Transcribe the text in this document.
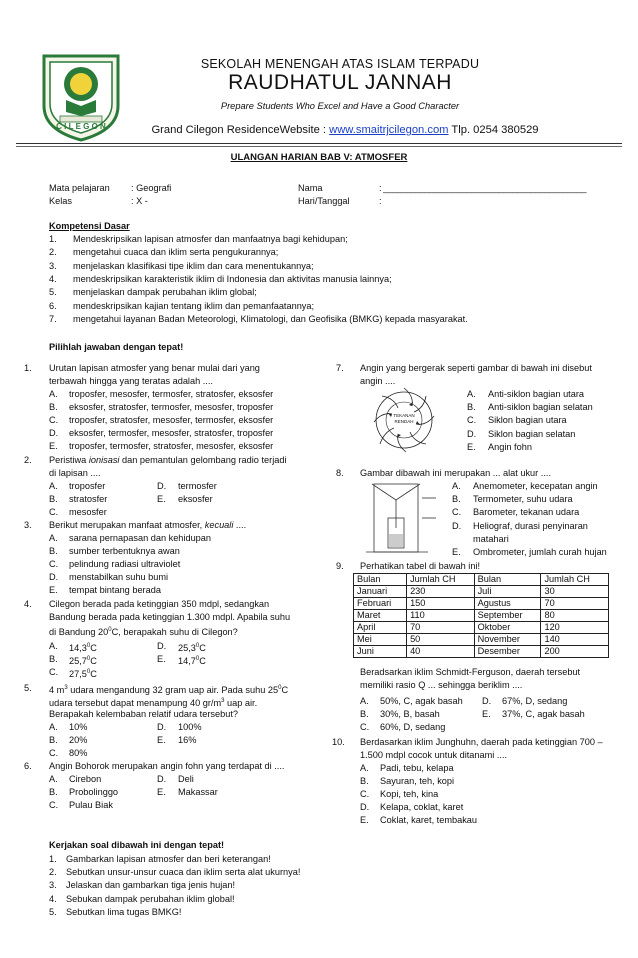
C I L E G O N
SEKOLAH MENENGAH ATAS ISLAM TERPADU
RAUDHATUL JANNAH
Prepare Students Who Excel and Have a Good Character
Grand Cilegon ResidenceWebsite : www.smaitrjcilegon.com Tlp. 0254 380529
ULANGAN HARIAN BAB V: ATMOSFER
Mata pelajaran : Geografi
Kelas	: X -
Nama	: ____________________________________________
Hari/Tanggal	:
Kompetensi Dasar
1. Mendeskripsikan lapisan atmosfer dan manfaatnya bagi kehidupan;
2. mengetahui cuaca dan iklim serta pengukurannya;
3. menjelaskan klasifikasi tipe iklim dan cara menentukannya;
4. mendeskripsikan karakteristik iklim di Indonesia dan aktivitas manusia lainnya;
5. menjelaskan dampak perubahan iklim global;
6. mendeskripsikan kajian tentang iklim dan pemanfaatannya;
7. mengetahui layanan Badan Meteorologi, Klimatologi, dan Geofisika (BMKG) kepada masyarakat.
Pilihlah jawaban dengan tepat!
1. Urutan lapisan atmosfer yang benar mulai dari yang
terbawah hingga yang teratas adalah ....
A. troposfer, mesosfer, termosfer, stratosfer, eksosfer
B. eksosfer, stratosfer, termosfer, mesosfer, troposfer
C. troposfer, stratosfer, mesosfer, termosfer, eksosfer
D. eksosfer, termosfer, mesosfer, stratosfer, troposfer
E. troposfer, termosfer, stratosfer, mesosfer, eksosfer
2. Peristiwa ionisasi dan pemantulan gelombang radio terjadi
di lapisan ....
A. troposfer	D. termosfer
B. stratosfer	E. eksosfer
C. mesosfer
3. Berikut merupakan manfaat atmosfer, kecuali ....
A. sarana pernapasan dan kehidupan
B. sumber terbentuknya awan
C. pelindung radiasi ultraviolet
D. menstabilkan suhu bumi
E. tempat bintang berada
4. Cilegon berada pada ketinggian 350 mdpl, sedangkan
Bandung berada pada ketinggian 1.300 mdpl. Apabila suhu
di Bandung $20^0C$, berapakah suhu di Cilegon?
A. 14,3$^0$C	D. 25,3$^0$C
B. 25,7$^0$C	E. 14,7$^0$C
C. 27,5$^0$C
5. 4 $m^3$ udara mengandung 32 gram uap air. Pada suhu $25^0C$
udara tersebut dapat menampung 40 $gr/m^3$ uap air.
Berapakah kelembaban relatif udara tersebut?
A. 10%	D. 100%
B. 20%	E. 16%
C. 80%
6. Angin Bohorok merupakan angin fohn yang terdapat di ....
A. Cirebon	D. Deli
B. Probolinggo	E. Makassar
C. Pulau Biak
7. Angin yang bergerak seperti gambar di bawah ini disebut
angin ....
TEKANAN
RENDAH
A. Anti-siklon bagian utara
B. Anti-siklon bagian selatan
C. Siklon bagian utara
D. Siklon bagian selatan
E. Angin fohn
8. Gambar dibawah ini merupakan ... alat ukur ....
A. Anemometer, kecepatan angin
B. Termometer, suhu udara
C. Barometer, tekanan udara
D. Heliograf, durasi penyinaran
matahari
E. Ombrometer, jumlah curah hujan
9. Perhatikan tabel di bawah ini!
Bulan	Jumlah CH	Bulan	Jumlah CH
Januari	230	Juli	30
Februari	150	Agustus	70
Maret	110	September	80
April	70	Oktober	120
Mei	50	November	140
Juni	40	Desember	200
Beradsarkan iklim Schmidt-Ferguson, daerah tersebut
memiliki rasio Q ... sehingga beriklim ....
A. 50%, C, agak basah D. 67%, D, sedang
B. 30%, B, basah	E. 37%, C, agak basah
C. 60%, D, sedang
10. Berdasarkan iklim Junghuhn, daerah pada ketinggian 700 –
1.500 mdpl cocok untuk ditanami ....
A. Padi, tebu, kelapa
B. Sayuran, teh, kopi
C. Kopi, teh, kina
D. Kelapa, coklat, karet
E. Coklat, karet, tembakau
Kerjakan soal dibawah ini dengan tepat!
1. Gambarkan lapisan atmosfer dan beri keterangan!
2. Sebutkan unsur-unsur cuaca dan iklim serta alat ukurnya!
3. Jelaskan dan gambarkan tiga jenis hujan!
4. Sebukan dampak perubahan iklim global!
5. Sebutkan lima tugas BMKG!
